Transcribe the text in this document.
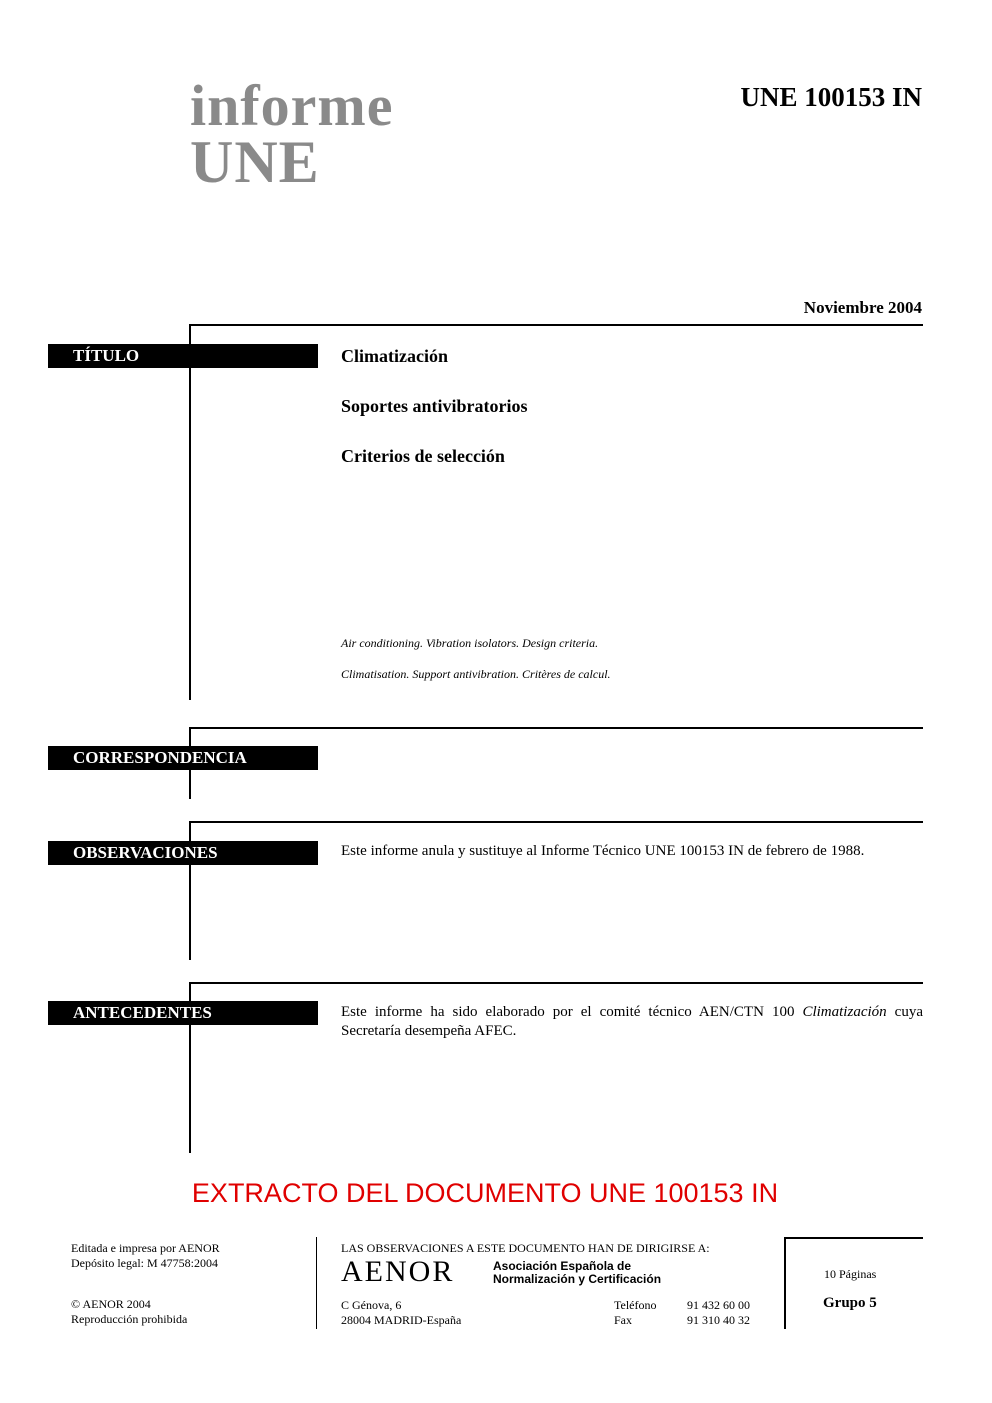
informe
UNE
UNE 100153 IN
Noviembre 2004
TÍTULO	Climatización
Soportes antivibratorios
Criterios de selección
Air conditioning. Vibration isolators. Design criteria.
Climatisation. Support antivibration. Critères de calcul.
CORRESPONDENCIA
OBSERVACIONES	Este informe anula y sustituye al Informe Técnico UNE 100153 IN de febrero de 1988.
ANTECEDENTES	Este informe ha sido elaborado por el comité técnico AEN/CTN 100 Climatización cuya Secretaría desempeña AFEC.
EXTRACTO DEL DOCUMENTO UNE 100153 IN
Editada e impresa por AENOR
Depósito legal: M 47758:2004
© AENOR 2004
Reproducción prohibida
LAS OBSERVACIONES A ESTE DOCUMENTO HAN DE DIRIGIRSE A:
AENOR	Asociación Española de
Normalización y Certificación
C Génova, 6
28004 MADRID-España
Teléfono	91 432 60 00
Fax	91 310 40 32
10 Páginas
Grupo 5
